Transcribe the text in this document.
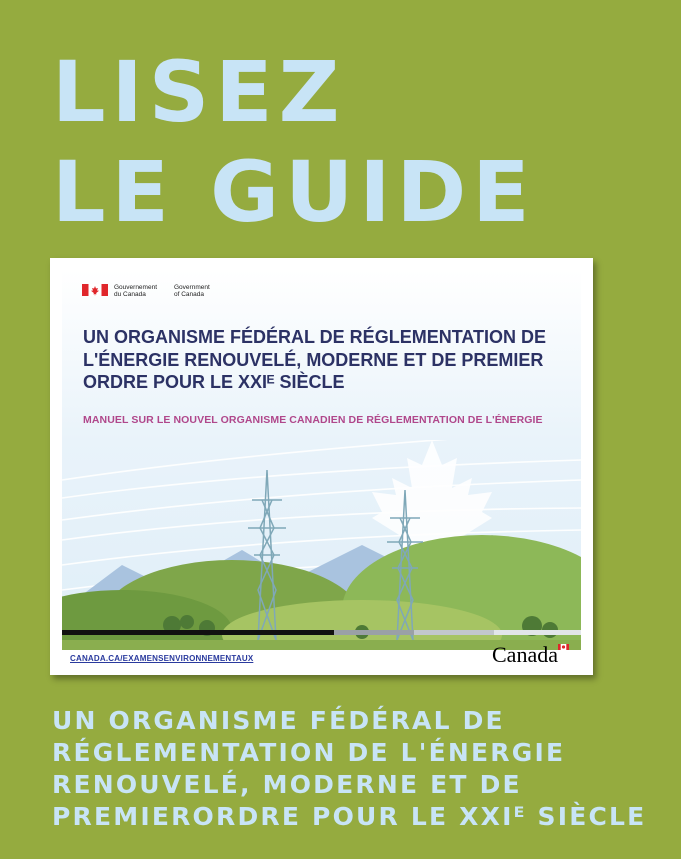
LISEZ
LE GUIDE
Gouvernement
du Canada
Government
of Canada
UN ORGANISME FÉDÉRAL DE RÉGLEMENTATION DE
L'ÉNERGIE RENOUVELÉ, MODERNE ET DE PREMIER
ORDRE POUR LE XXIᴱ SIÈCLE
MANUEL SUR LE NOUVEL ORGANISME CANADIEN DE RÉGLEMENTATION DE L'ÉNERGIE
CANADA.CA/EXAMENSENVIRONNEMENTAUX	Canada
UN ORGANISME FÉDÉRAL DE
RÉGLEMENTATION DE L'ÉNERGIE
RENOUVELÉ, MODERNE ET DE
PREMIERORDRE POUR LE XXIᴱ SIÈCLE
